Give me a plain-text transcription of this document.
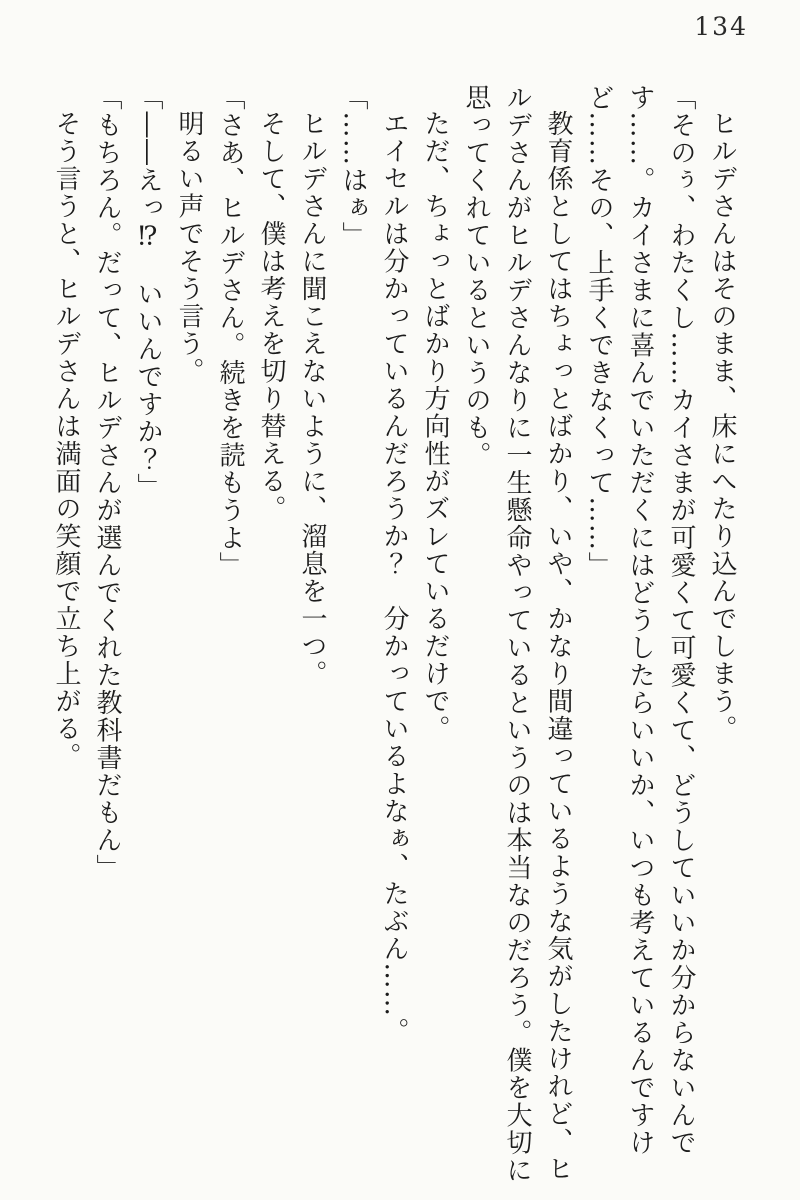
134

ヒルデさんはそのまま、床にへたり込んでしまう。

「そのぅ、わたくし……カイさまが可愛くて可愛くて、どうしていいか分からないんです……。カイさまに喜んでいただくにはどうしたらいいか、いつも考えているんですけど……その、上手くできなくって……」

教育係としてはちょっとばかり、いや、かなり間違っているような気がしたけれど、ヒルデさんがヒルデさんなりに一生懸命やっているというのは本当なのだろう。僕を大切に思ってくれているというのも。

ただ、ちょっとばかり方向性がズレているだけで。

エイセルは分かっているんだろうか？　分かっているよなぁ、たぶん……。

「……はぁ」

ヒルデさんに聞こえないように、溜息を一つ。

そして、僕は考えを切り替える。

「さあ、ヒルデさん。続きを読もうよ」

明るい声でそう言う。

「――えっ⁉　いいんですか？」

「もちろん。だって、ヒルデさんが選んでくれた教科書だもん」

そう言うと、ヒルデさんは満面の笑顔で立ち上がる。
